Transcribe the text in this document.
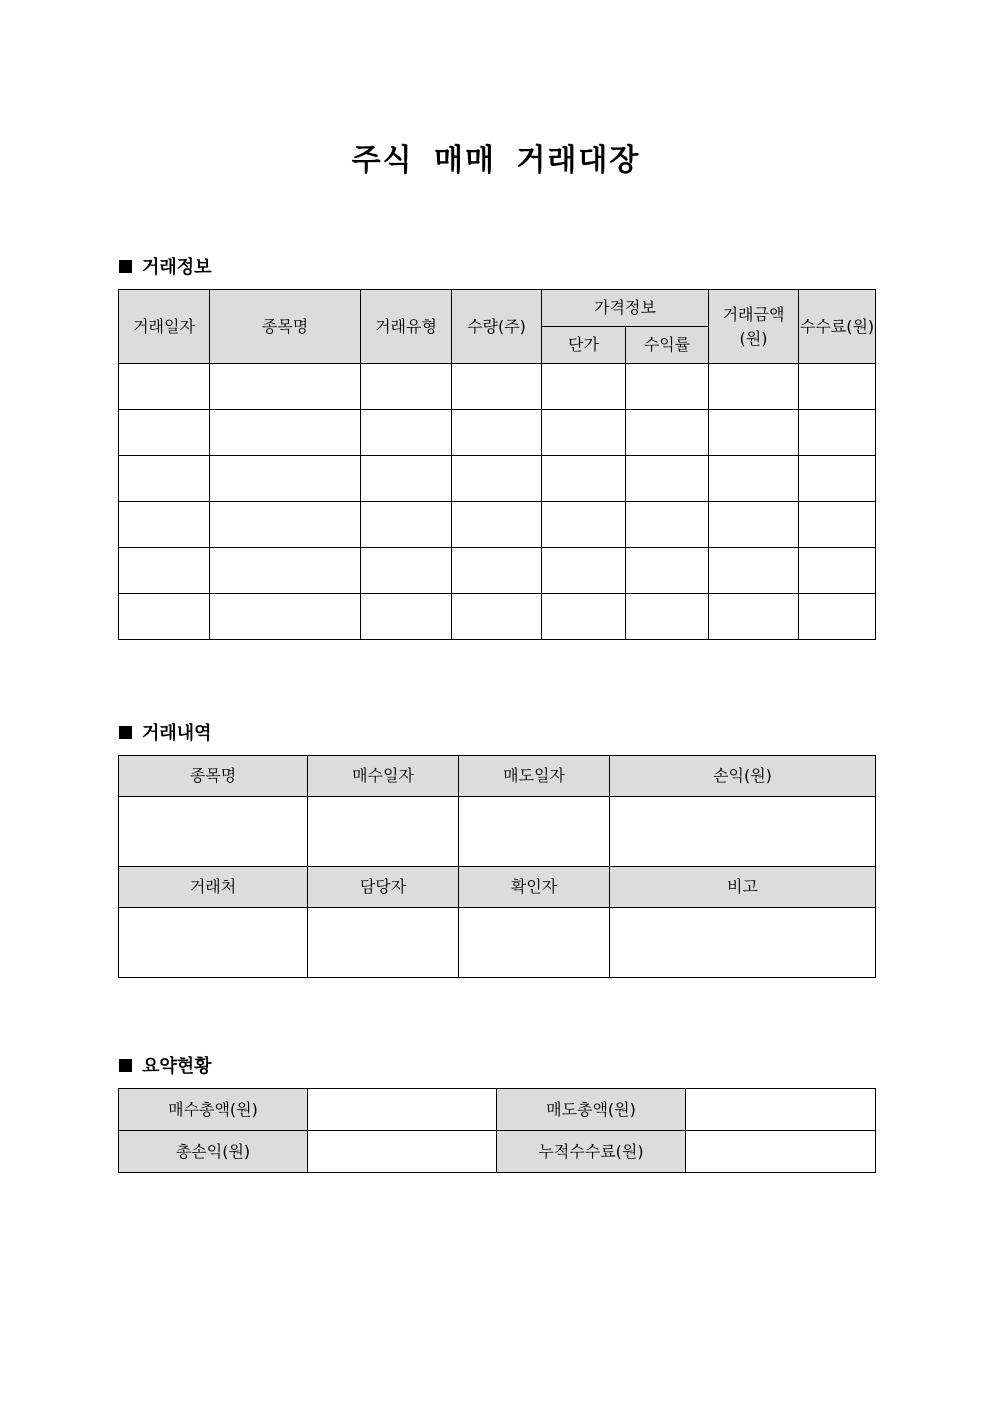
주식 매매 거래대장
거래정보
거래일자	종목명	거래유형	수량(주)	가격정보		거래금액(원)	수수료(원)
				단가	수익률		

거래내역
종목명	매수일자	매도일자	손익(원)

거래처	담당자	확인자	비고

요약현황
매수총액(원)		매도총액(원)	
총손익(원)		누적수수료(원)	
